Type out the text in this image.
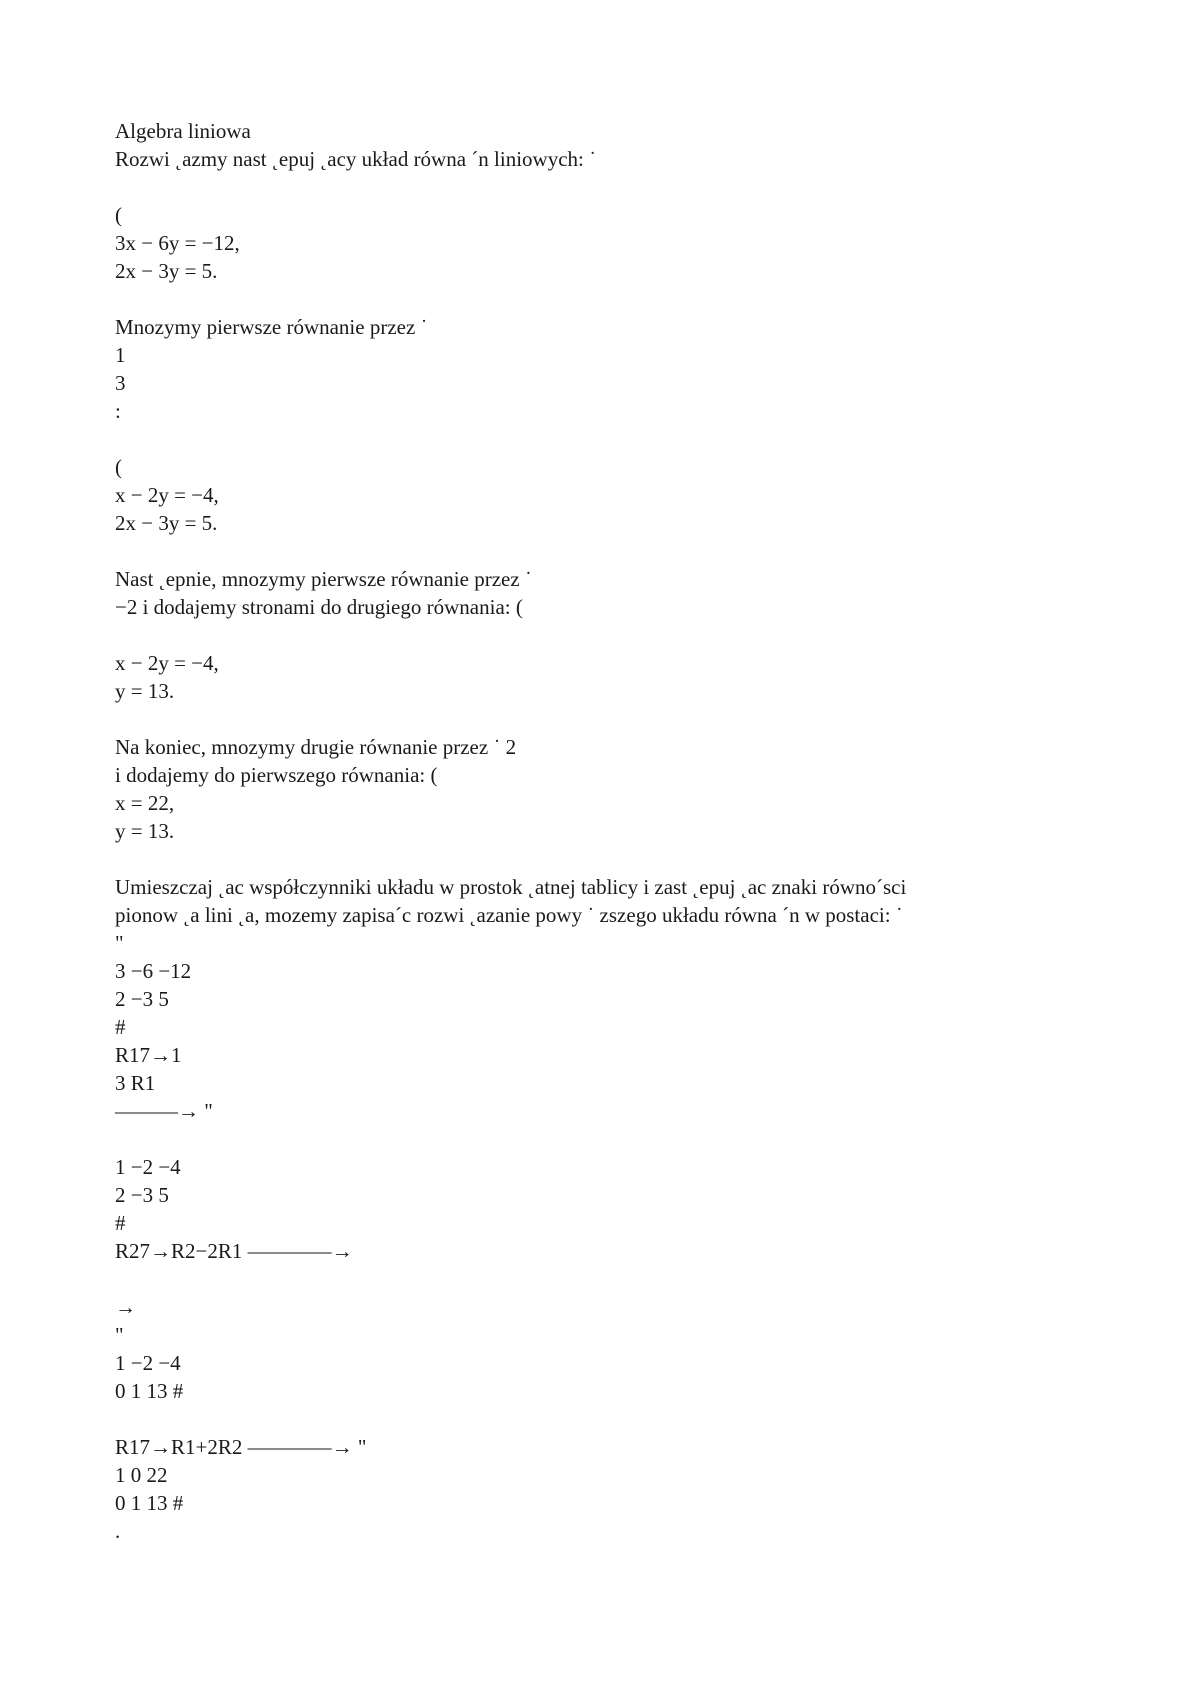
Algebra liniowa
Rozwi ˛azmy nast ˛epuj ˛acy układ równa ´n liniowych: ˙
(
3x − 6y = −12,
2x − 3y = 5.
Mnozymy pierwsze równanie przez ˙
1
3
:
(
x − 2y = −4,
2x − 3y = 5.
Nast ˛epnie, mnozymy pierwsze równanie przez ˙
−2 i dodajemy stronami do drugiego równania: (
x − 2y = −4,
y = 13.
Na koniec, mnozymy drugie równanie przez ˙ 2
i dodajemy do pierwszego równania: (
x = 22,
y = 13.
Umieszczaj ˛ac współczynniki układu w prostok ˛atnej tablicy i zast ˛epuj ˛ac znaki równo´sci
pionow ˛a lini ˛a, mozemy zapisa´c rozwi ˛azanie powy ˙ zszego układu równa ´n w postaci: ˙
"
3 −6 −12
2 −3 5
#
R17→1
3 R1
———→ "
1 −2 −4
2 −3 5
#
R27→R2−2R1 ————→
→
"
1 −2 −4
0 1 13 #
R17→R1+2R2 ————→ "
1 0 22
0 1 13 #
.
